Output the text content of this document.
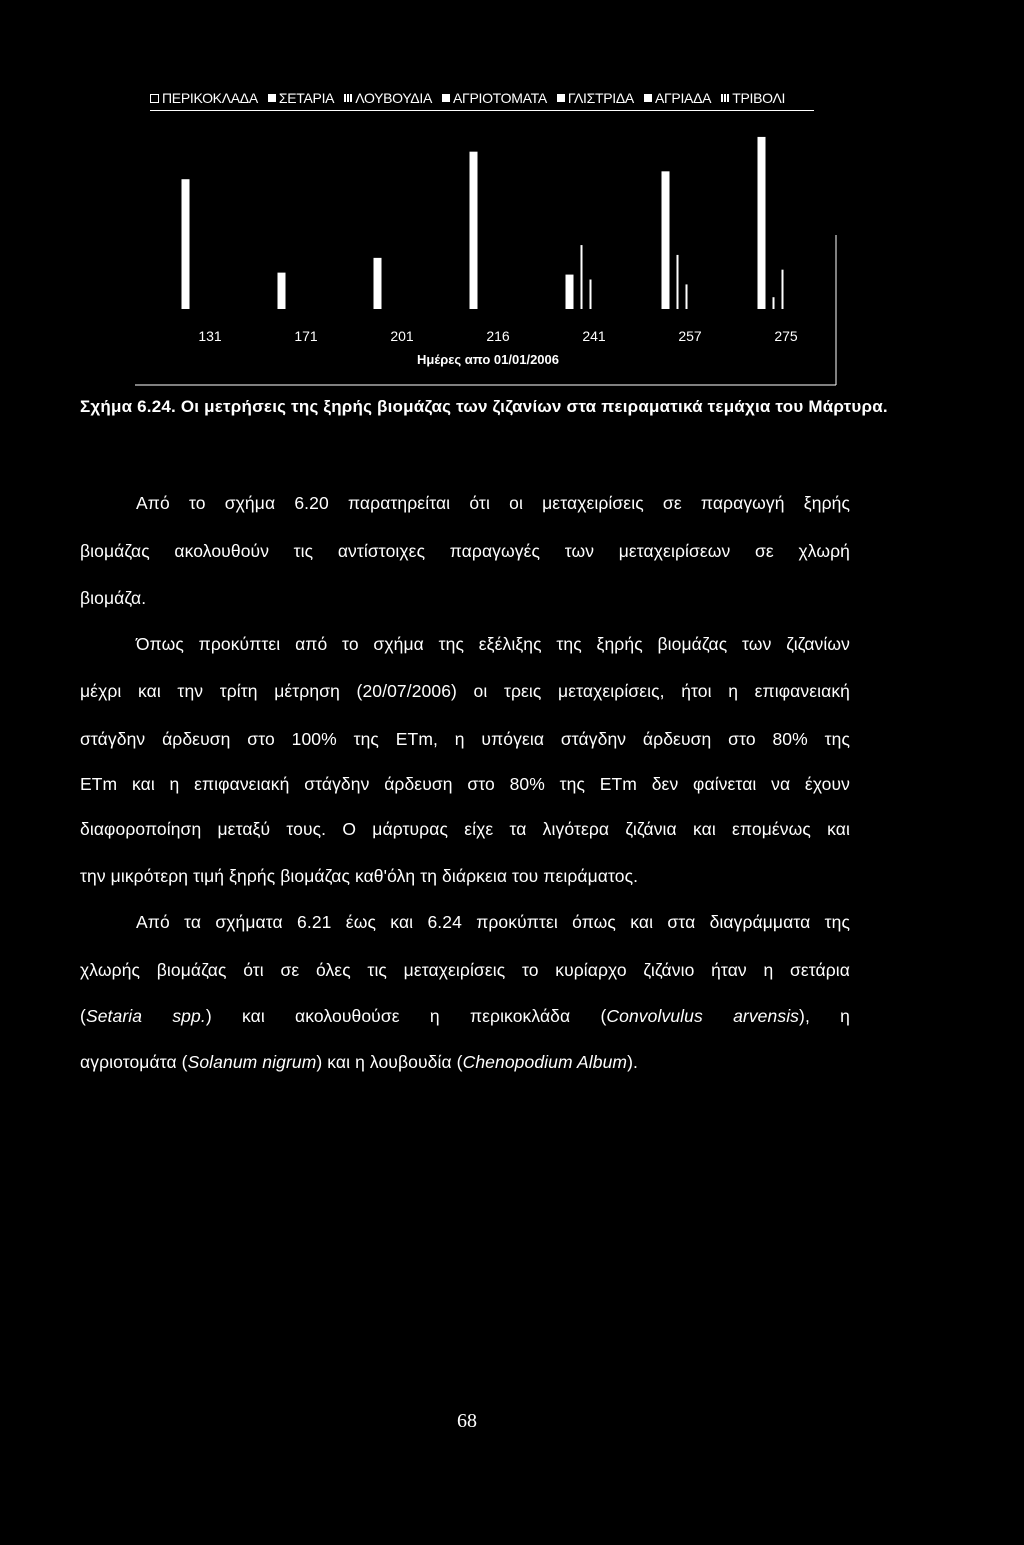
ΠΕΡΙΚΟΚΛΑΔΑ ΣΕΤΑΡΙΑ ΛΟΥΒΟΥΔΙΑ ΑΓΡΙΟΤΟΜΑΤΑ ΓΛΙΣΤΡΙΔΑ ΑΓΡΙΑΔΑ ΤΡΙΒΟΛΙ
131	171	201	216	241	257	275
Ημέρες απο 01/01/2006
Σχήμα 6.24. Οι μετρήσεις της ξηρής βιομάζας των ζιζανίων στα πειραματικά τεμάχια του Μάρτυρα.
Από το σχήμα 6.20 παρατηρείται ότι οι μεταχειρίσεις σε παραγωγή ξηρής
βιομάζας ακολουθούν τις αντίστοιχες παραγωγές των μεταχειρίσεων σε χλωρή
βιομάζα.
Όπως προκύπτει από το σχήμα της εξέλιξης της ξηρής βιομάζας των ζιζανίων
μέχρι και την τρίτη μέτρηση (20/07/2006) οι τρεις μεταχειρίσεις, ήτοι η επιφανειακή
στάγδην άρδευση στο 100% της ΕΤm, η υπόγεια στάγδην άρδευση στο 80% της
ΕΤm και η επιφανειακή στάγδην άρδευση στο 80% της ΕΤm δεν φαίνεται να έχουν
διαφοροποίηση μεταξύ τους. Ο μάρτυρας είχε τα λιγότερα ζιζάνια και επομένως και
την μικρότερη τιμή ξηρής βιομάζας καθ'όλη τη διάρκεια του πειράματος.
Από τα σχήματα 6.21 έως και 6.24 προκύπτει όπως και στα διαγράμματα της
χλωρής βιομάζας ότι σε όλες τις μεταχειρίσεις το κυρίαρχο ζιζάνιο ήταν η σετάρια
(Setaria spp.) και ακολουθούσε η περικοκλάδα (Convolvulus arvensis), η
αγριοτομάτα (Solanum nigrum) και η λουβουδία (Chenopodium Album).
68
